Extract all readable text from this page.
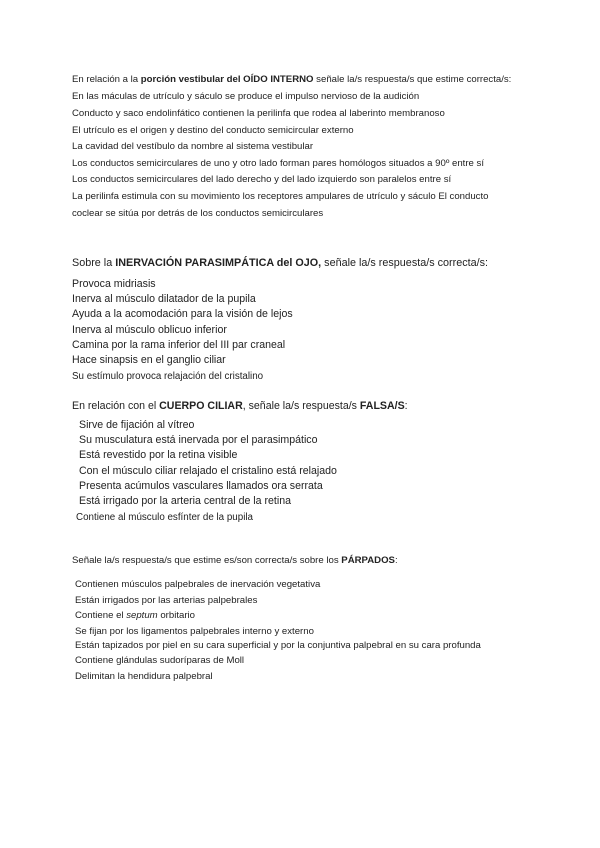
En relación a la porción vestibular del OÍDO INTERNO señale la/s respuesta/s que estime correcta/s:
En las máculas de utrículo y sáculo se produce el impulso nervioso de la audición
Conducto y saco endolinfático contienen la perilinfa que rodea al laberinto membranoso
El utrículo es el origen y destino del conducto semicircular externo
La cavidad del vestíbulo da nombre al sistema vestibular
Los conductos semicirculares de uno y otro lado forman pares homólogos situados a 90º entre sí
Los conductos semicirculares del lado derecho y del lado izquierdo son paralelos entre sí
La perilinfa estimula con su movimiento los receptores ampulares de utrículo y sáculo El conducto coclear se sitúa por detrás de los conductos semicirculares
Sobre la INERVACIÓN PARASIMPÁTICA del OJO, señale la/s respuesta/s correcta/s:
Provoca midriasis
Inerva al músculo dilatador de la pupila
Ayuda a la acomodación para la visión de lejos
Inerva al músculo oblicuo inferior
Camina por la rama inferior del III par craneal
Hace sinapsis en el ganglio ciliar
Su estímulo provoca relajación del cristalino
En relación con el CUERPO CILIAR, señale la/s respuesta/s FALSA/S:
Sirve de fijación al vítreo
Su musculatura está inervada por el parasimpático
Está revestido por la retina visible
Con el músculo ciliar relajado el cristalino está relajado
Presenta acúmulos vasculares llamados ora serrata
Está irrigado por la arteria central de la retina
Contiene al músculo esfínter de la pupila
Señale la/s respuesta/s que estime es/son correcta/s sobre los PÁRPADOS:
Contienen músculos palpebrales de inervación vegetativa
Están irrigados por las arterias palpebrales
Contiene el septum orbitario
Se fijan por los ligamentos palpebrales interno y externo
Están tapizados por piel en su cara superficial y por la conjuntiva palpebral en su cara profunda
Contiene glándulas sudoríparas de Moll
Delimitan la hendidura palpebral
